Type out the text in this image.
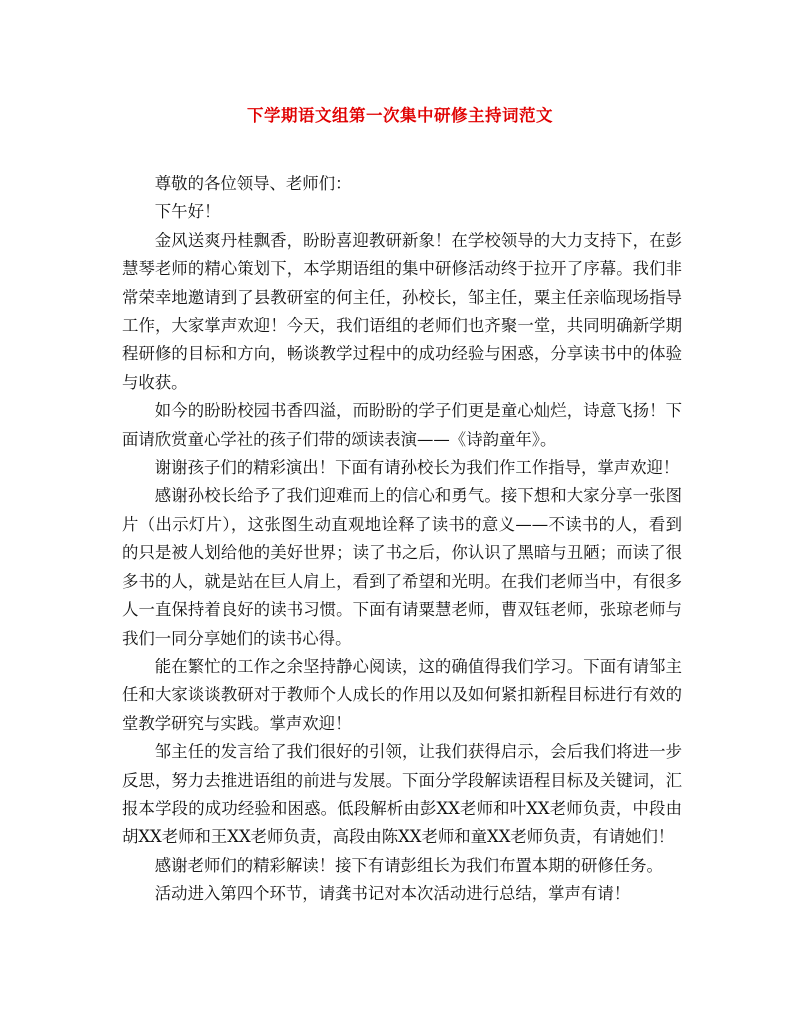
下学期语文组第一次集中研修主持词范文

尊敬的各位领导、老师们：

下午好！

金风送爽丹桂飘香，盼盼喜迎教研新象！在学校领导的大力支持下，在彭慧琴老师的精心策划下，本学期语组的集中研修活动终于拉开了序幕。我们非常荣幸地邀请到了县教研室的何主任，孙校长，邹主任，粟主任亲临现场指导工作，大家掌声欢迎！今天，我们语组的老师们也齐聚一堂，共同明确新学期程研修的目标和方向，畅谈教学过程中的成功经验与困惑，分享读书中的体验与收获。

如今的盼盼校园书香四溢，而盼盼的学子们更是童心灿烂，诗意飞扬！下面请欣赏童心学社的孩子们带的颂读表演——《诗韵童年》。

谢谢孩子们的精彩演出！下面有请孙校长为我们作工作指导，掌声欢迎！

感谢孙校长给予了我们迎难而上的信心和勇气。接下想和大家分享一张图片（出示灯片），这张图生动直观地诠释了读书的意义——不读书的人，看到的只是被人划给他的美好世界；读了书之后，你认识了黑暗与丑陋；而读了很多书的人，就是站在巨人肩上，看到了希望和光明。在我们老师当中，有很多人一直保持着良好的读书习惯。下面有请粟慧老师，曹双钰老师，张琼老师与我们一同分享她们的读书心得。

能在繁忙的工作之余坚持静心阅读，这的确值得我们学习。下面有请邹主任和大家谈谈教研对于教师个人成长的作用以及如何紧扣新程目标进行有效的堂教学研究与实践。掌声欢迎！

邹主任的发言给了我们很好的引领，让我们获得启示，会后我们将进一步反思，努力去推进语组的前进与发展。下面分学段解读语程目标及关键词，汇报本学段的成功经验和困惑。低段解析由彭XX老师和叶XX老师负责，中段由胡XX老师和王XX老师负责，高段由陈XX老师和童XX老师负责，有请她们！

感谢老师们的精彩解读！接下有请彭组长为我们布置本期的研修任务。

活动进入第四个环节，请龚书记对本次活动进行总结，掌声有请！
